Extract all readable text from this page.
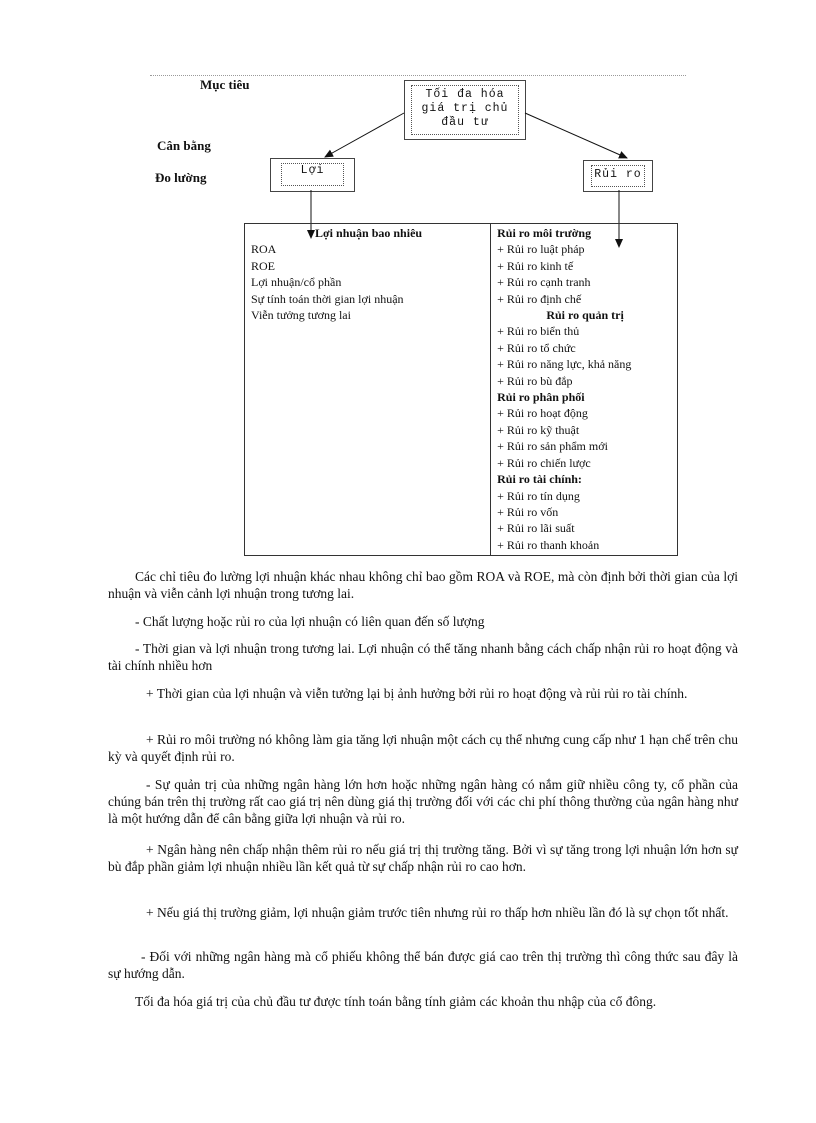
Mục tiêu
Cân bằng
Đo lường
Tối đa hóa
giá trị chủ
đầu tư
Lợi	Rủi ro
Lợi nhuận bao nhiêu
ROA
ROE
Lợi nhuận/cổ phần
Sự tính toán thời gian lợi nhuận
Viễn tưởng tương lai

Rủi ro môi trường
+ Rủi ro luật pháp
+ Rủi ro kinh tế
+ Rủi ro cạnh tranh
+ Rủi ro định chế
Rủi ro quản trị
+ Rủi ro biển thủ
+ Rủi ro tổ chức
+ Rủi ro năng lực, khả năng
+ Rủi ro bù đắp
Rủi ro phân phối
+ Rủi ro hoạt động
+ Rủi ro kỹ thuật
+ Rủi ro sản phẩm mới
+ Rủi ro chiến lược
Rủi ro tài chính:
+ Rủi ro tín dụng
+ Rủi ro vốn
+ Rủi ro lãi suất
+ Rủi ro thanh khoản
Các chỉ tiêu đo lường lợi nhuận khác nhau không chỉ bao gồm ROA và ROE, mà còn định bởi thời gian của lợi nhuận và viễn cảnh lợi nhuận trong tương lai.
- Chất lượng hoặc rủi ro của lợi nhuận có liên quan đến số lượng
- Thời gian và lợi nhuận trong tương lai. Lợi nhuận có thể tăng nhanh bằng cách chấp nhận rủi ro hoạt động và tài chính nhiều hơn
+ Thời gian của lợi nhuận và viễn tưởng lại bị ảnh hưởng bởi rủi ro hoạt động và rủi rủi ro tài chính.
+ Rủi ro môi trường nó không làm gia tăng lợi nhuận một cách cụ thể nhưng cung cấp như 1 hạn chế trên chu kỳ và quyết định rủi ro.
- Sự quản trị của những ngân hàng lớn hơn hoặc những ngân hàng có nắm giữ nhiều công ty, cổ phần của chúng bán trên thị trường rất cao giá trị nên dùng giá thị trường đối với các chi phí thông thường của ngân hàng như là một hướng dẫn để cân bằng giữa lợi nhuận và rủi ro.
+ Ngân hàng nên chấp nhận thêm rủi ro nếu giá trị thị trường tăng. Bởi vì sự tăng trong lợi nhuận lớn hơn sự bù đắp phần giảm lợi nhuận nhiều lần kết quả từ sự chấp nhận rủi ro cao hơn.
+ Nếu giá thị trường giảm, lợi nhuận giảm trước tiên nhưng rủi ro thấp hơn nhiều lần đó là sự chọn tốt nhất.
- Đối với những ngân hàng mà cổ phiếu không thể bán được giá cao trên thị trường thì công thức sau đây là sự hướng dẫn.
Tối đa hóa giá trị của chủ đầu tư được tính toán bằng tính giảm các khoản thu nhập của cổ đông.
